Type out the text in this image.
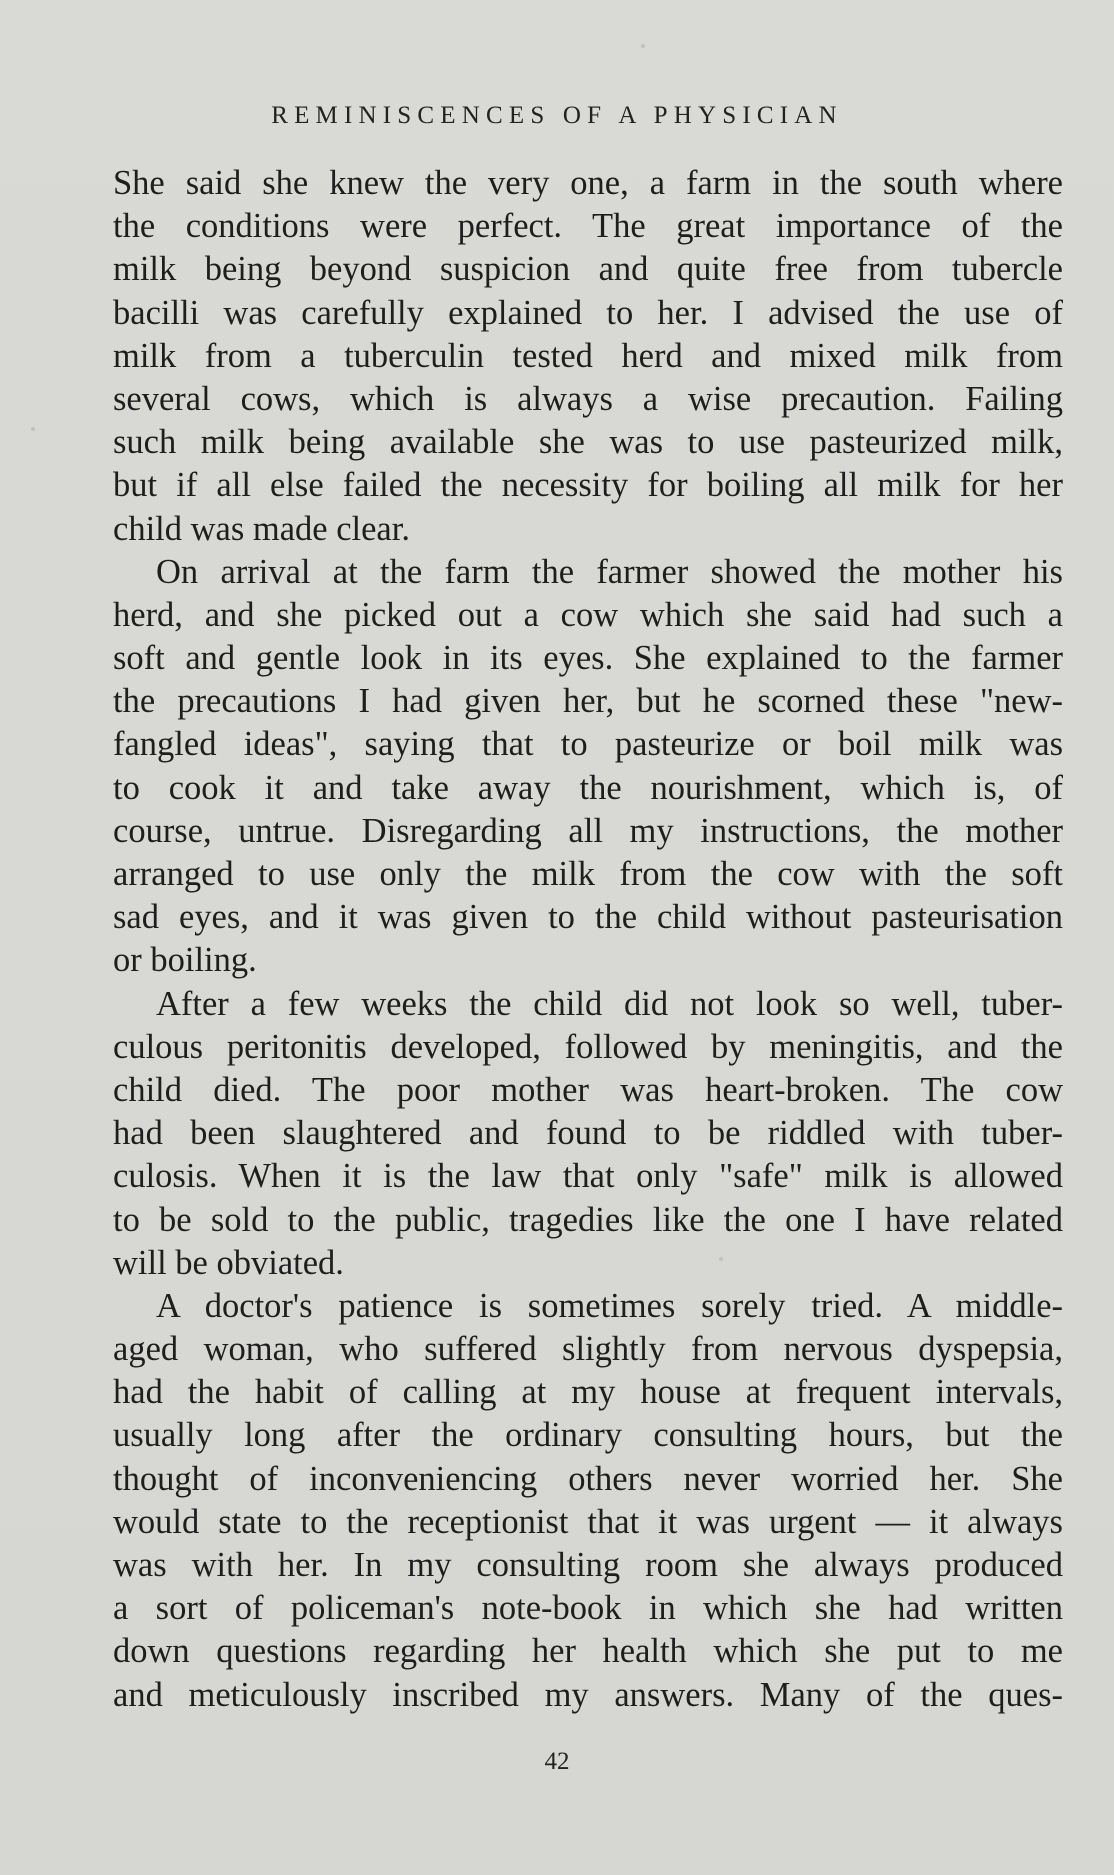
REMINISCENCES OF A PHYSICIAN
She said she knew the very one, a farm in the south where
the conditions were perfect. The great importance of the
milk being beyond suspicion and quite free from tubercle
bacilli was carefully explained to her. I advised the use of
milk from a tuberculin tested herd and mixed milk from
several cows, which is always a wise precaution. Failing
such milk being available she was to use pasteurized milk,
but if all else failed the necessity for boiling all milk for her
child was made clear.
On arrival at the farm the farmer showed the mother his
herd, and she picked out a cow which she said had such a
soft and gentle look in its eyes. She explained to the farmer
the precautions I had given her, but he scorned these "new-
fangled ideas", saying that to pasteurize or boil milk was
to cook it and take away the nourishment, which is, of
course, untrue. Disregarding all my instructions, the mother
arranged to use only the milk from the cow with the soft
sad eyes, and it was given to the child without pasteurisation
or boiling.
After a few weeks the child did not look so well, tuber-
culous peritonitis developed, followed by meningitis, and the
child died. The poor mother was heart-broken. The cow
had been slaughtered and found to be riddled with tuber-
culosis. When it is the law that only "safe" milk is allowed
to be sold to the public, tragedies like the one I have related
will be obviated.
A doctor's patience is sometimes sorely tried. A middle-
aged woman, who suffered slightly from nervous dyspepsia,
had the habit of calling at my house at frequent intervals,
usually long after the ordinary consulting hours, but the
thought of inconveniencing others never worried her. She
would state to the receptionist that it was urgent — it always
was with her. In my consulting room she always produced
a sort of policeman's note-book in which she had written
down questions regarding her health which she put to me
and meticulously inscribed my answers. Many of the ques-
42
